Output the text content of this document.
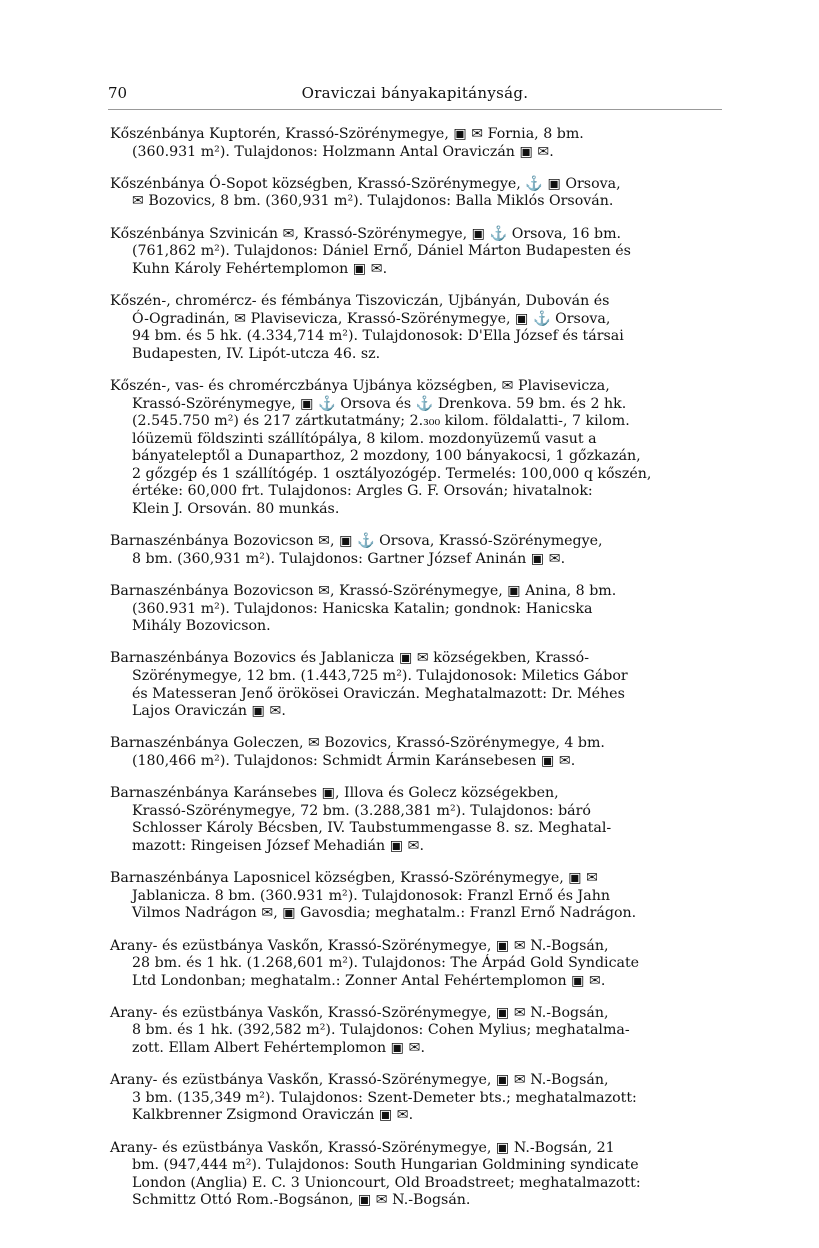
70	Oraviczai bányakapitányság.
Kőszénbánya Kuptorén, Krassó-Szörénymegye, ▣ ✉ Fornia, 8 bm.
(360.931 m²). Tulajdonos: Holzmann Antal Oraviczán ▣ ✉.
Kőszénbánya Ó-Sopot községben, Krassó-Szörénymegye, ⚓ ▣ Orsova,
✉ Bozovics, 8 bm. (360,931 m²). Tulajdonos: Balla Miklós Orsován.
Kőszénbánya Szvinicán ✉, Krassó-Szörénymegye, ▣ ⚓ Orsova, 16 bm.
(761,862 m²). Tulajdonos: Dániel Ernő, Dániel Márton Budapesten és
Kuhn Károly Fehértemplomon ▣ ✉.
Kőszén-, chromércz- és fémbánya Tiszoviczán, Ujbányán, Dubován és
Ó-Ogradinán, ✉ Plavisevicza, Krassó-Szörénymegye, ▣ ⚓ Orsova,
94 bm. és 5 hk. (4.334,714 m²). Tulajdonosok: D'Ella József és társai
Budapesten, IV. Lipót-utcza 46. sz.
Kőszén-, vas- és chromérczbánya Ujbánya községben, ✉ Plavisevicza,
Krassó-Szörénymegye, ▣ ⚓ Orsova és ⚓ Drenkova. 59 bm. és 2 hk.
(2.545.750 m²) és 217 zártkutatmány; 2.₃₀₀ kilom. földalatti-, 7 kilom.
lóüzemü földszinti szállítópálya, 8 kilom. mozdonyüzemű vasut a
bányateleptől a Dunaparthoz, 2 mozdony, 100 bányakocsi, 1 gőzkazán,
2 gőzgép és 1 szállítógép. 1 osztályozógép. Termelés: 100,000 q kőszén,
értéke: 60,000 frt. Tulajdonos: Argles G. F. Orsován; hivatalnok:
Klein J. Orsován. 80 munkás.
Barnaszénbánya Bozovicson ✉, ▣ ⚓ Orsova, Krassó-Szörénymegye,
8 bm. (360,931 m²). Tulajdonos: Gartner József Aninán ▣ ✉.
Barnaszénbánya Bozovicson ✉, Krassó-Szörénymegye, ▣ Anina, 8 bm.
(360.931 m²). Tulajdonos: Hanicska Katalin; gondnok: Hanicska
Mihály Bozovicson.
Barnaszénbánya Bozovics és Jablanicza ▣ ✉ községekben, Krassó-
Szörénymegye, 12 bm. (1.443,725 m²). Tulajdonosok: Miletics Gábor
és Matesseran Jenő örökösei Oraviczán. Meghatalmazott: Dr. Méhes
Lajos Oraviczán ▣ ✉.
Barnaszénbánya Goleczen, ✉ Bozovics, Krassó-Szörénymegye, 4 bm.
(180,466 m²). Tulajdonos: Schmidt Ármin Karánsebesen ▣ ✉.
Barnaszénbánya Karánsebes ▣, Illova és Golecz községekben,
Krassó-Szörénymegye, 72 bm. (3.288,381 m²). Tulajdonos: báró
Schlosser Károly Bécsben, IV. Taubstummengasse 8. sz. Meghatal-
mazott: Ringeisen József Mehadián ▣ ✉.
Barnaszénbánya Laposnicel községben, Krassó-Szörénymegye, ▣ ✉
Jablanicza. 8 bm. (360.931 m²). Tulajdonosok: Franzl Ernő és Jahn
Vilmos Nadrágon ✉, ▣ Gavosdia; meghatalm.: Franzl Ernő Nadrágon.
Arany- és ezüstbánya Vaskőn, Krassó-Szörénymegye, ▣ ✉ N.-Bogsán,
28 bm. és 1 hk. (1.268,601 m²). Tulajdonos: The Árpád Gold Syndicate
Ltd Londonban; meghatalm.: Zonner Antal Fehértemplomon ▣ ✉.
Arany- és ezüstbánya Vaskőn, Krassó-Szörénymegye, ▣ ✉ N.-Bogsán,
8 bm. és 1 hk. (392,582 m²). Tulajdonos: Cohen Mylius; meghatalma-
zott. Ellam Albert Fehértemplomon ▣ ✉.
Arany- és ezüstbánya Vaskőn, Krassó-Szörénymegye, ▣ ✉ N.-Bogsán,
3 bm. (135,349 m²). Tulajdonos: Szent-Demeter bts.; meghatalmazott:
Kalkbrenner Zsigmond Oraviczán ▣ ✉.
Arany- és ezüstbánya Vaskőn, Krassó-Szörénymegye, ▣ N.-Bogsán, 21
bm. (947,444 m²). Tulajdonos: South Hungarian Goldmining syndicate
London (Anglia) E. C. 3 Unioncourt, Old Broadstreet; meghatalmazott:
Schmittz Ottó Rom.-Bogsánon, ▣ ✉ N.-Bogsán.
